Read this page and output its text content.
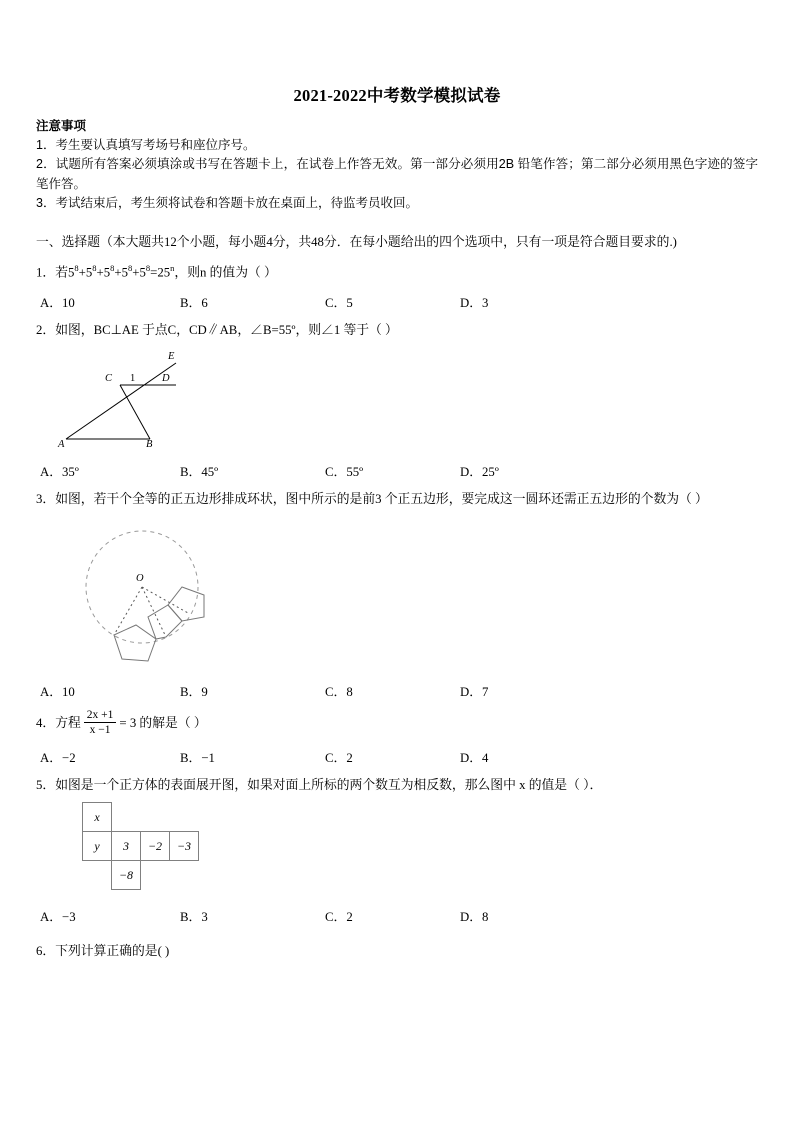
2021-2022中考数学模拟试卷
注意事项

1．考生要认真填写考场号和座位序号。

2．试题所有答案必须填涂或书写在答题卡上，在试卷上作答无效。第一部分必须用2B 铅笔作答；第二部分必须用黑色字迹的签字笔作答。

3．考试结束后，考生须将试卷和答题卡放在桌面上，待监考员收回。

一、选择题（本大题共12个小题，每小题4分，共48分．在每小题给出的四个选项中，只有一项是符合题目要求的.)
1．若$5^8+5^8+5^8+5^8+5^8=25^n$，则n 的值为（ ）
A．10	B．6	C．5	D．3
2．如图，BC⊥AE 于点C，CD∥AB，∠B=55º，则∠1 等于（ ）
E
C 1	D
A	B
A．35º	B．45º	C．55º	D．25º
3．如图，若干个全等的正五边形排成环状，图中所示的是前3 个正五边形，要完成这一圆环还需正五边形的个数为（ ）
O
A．10	B．9	C．8	D．7
4．方程 $\frac{2x +1}{x -1} = 3$ 的解是（ ）
A．−2	B．−1	C．2	D．4
5．如图是一个正方体的表面展开图，如果对面上所标的两个数互为相反数，那么图中 x 的值是（ ）．
x			
y	3	−2	−3
	−8		
A．−3	B．3	C．2	D．8
6．下列计算正确的是( )
